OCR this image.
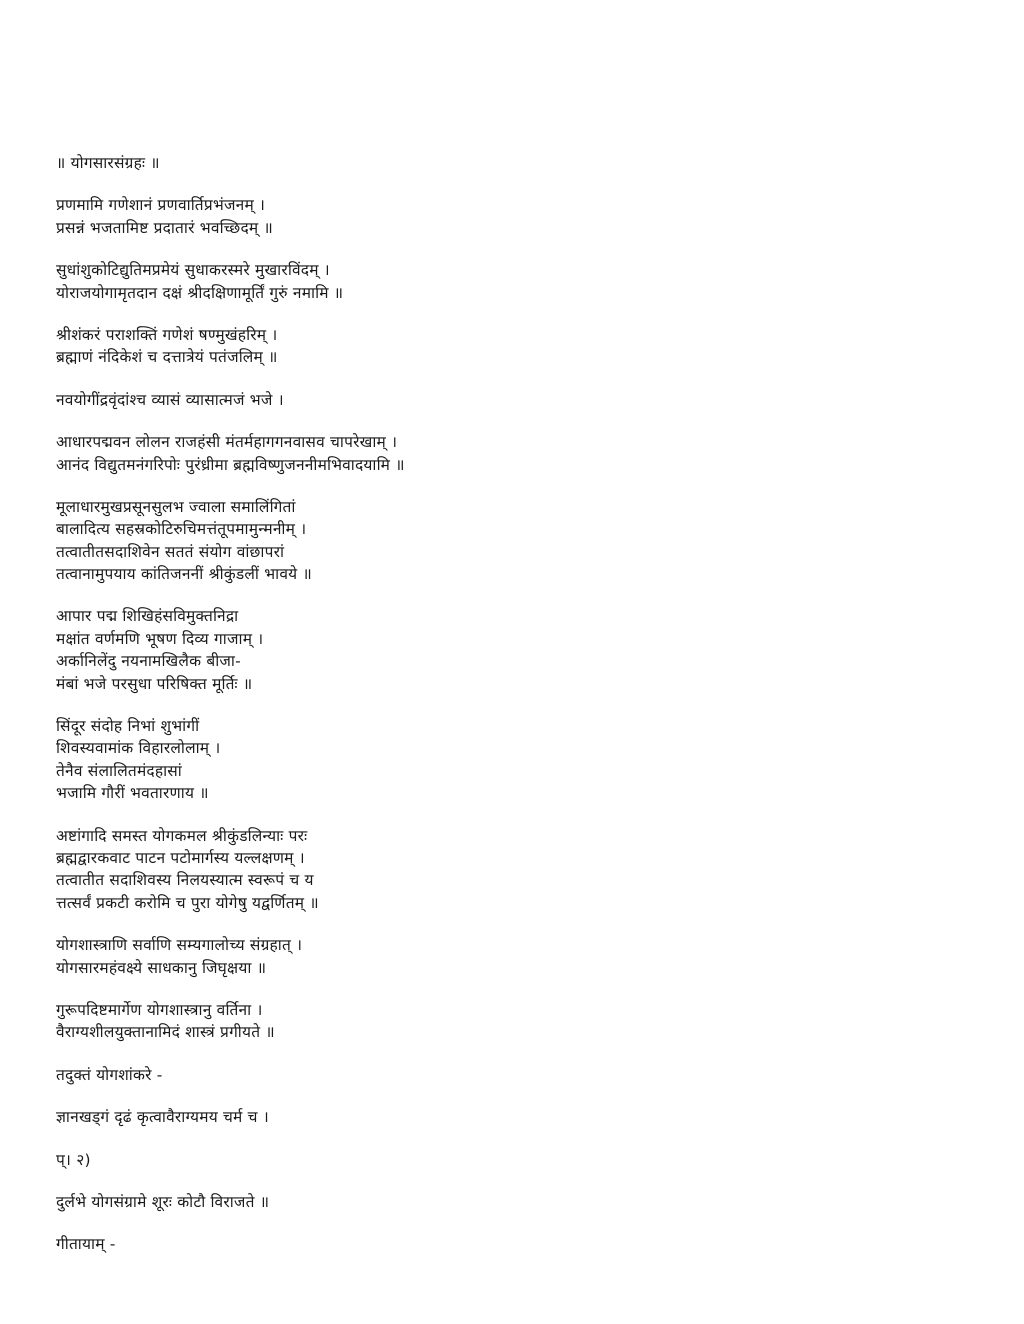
॥ योगसारसंग्रहः ॥
प्रणमामि गणेशानं प्रणवार्तिप्रभंजनम् ।
प्रसन्नं भजतामिष्ट प्रदातारं भवच्छिदम् ॥
सुधांशुकोटिद्युतिमप्रमेयं सुधाकरस्मरे मुखारविंदम् ।
योराजयोगामृतदान दक्षं श्रीदक्षिणामूर्तिं गुरुं नमामि ॥
श्रीशंकरं पराशक्तिं गणेशं षण्मुखंहरिम् ।
ब्रह्माणं नंदिकेशं च दत्तात्रेयं पतंजलिम् ॥
नवयोगींद्रवृंदांश्च व्यासं व्यासात्मजं भजे ।
आधारपद्मवन लोलन राजहंसी मंतर्महागगनवासव चापरेखाम् ।
आनंद विद्युतमनंगरिपोः पुरंध्रीमा ब्रह्मविष्णुजननीमभिवादयामि ॥
मूलाधारमुखप्रसूनसुलभ ज्वाला समालिंगितां
बालादित्य सहस्रकोटिरुचिमत्तंतूपमामुन्मनीम् ।
तत्वातीतसदाशिवेन सततं संयोग वांछापरां
तत्वानामुपयाय कांतिजननीं श्रीकुंडलीं भावये ॥
आपार पद्म शिखिहंसविमुक्तनिद्रा
मक्षांत वर्णमणि भूषण दिव्य गाजाम् ।
अर्कानिलेंदु नयनामखिलैक बीजा-
मंबां भजे परसुधा परिषिक्त मूर्तिः ॥
सिंदूर संदोह निभां शुभांगीं
शिवस्यवामांक विहारलोलाम् ।
तेनैव संलालितमंदहासां
भजामि गौरीं भवतारणाय ॥
अष्टांगादि समस्त योगकमल श्रीकुंडलिन्याः परः
ब्रह्मद्वारकवाट पाटन पटोमार्गस्य यल्लक्षणम् ।
तत्वातीत सदाशिवस्य निलयस्यात्म स्वरूपं च य
त्तत्सर्वं प्रकटी करोमि च पुरा योगेषु यद्वर्णितम् ॥
योगशास्त्राणि सर्वाणि सम्यगालोच्य संग्रहात् ।
योगसारमहंवक्ष्ये साधकानु जिघृक्षया ॥
गुरूपदिष्टमार्गेण योगशास्त्रानु वर्तिना ।
वैराग्यशीलयुक्तानामिदं शास्त्रं प्रगीयते ॥
तदुक्तं योगशांकरे -
ज्ञानखड्गं दृढं कृत्वावैराग्यमय चर्म च ।
प्। २)
दुर्लभे योगसंग्रामे शूरः कोटौ विराजते ॥
गीतायाम् -
